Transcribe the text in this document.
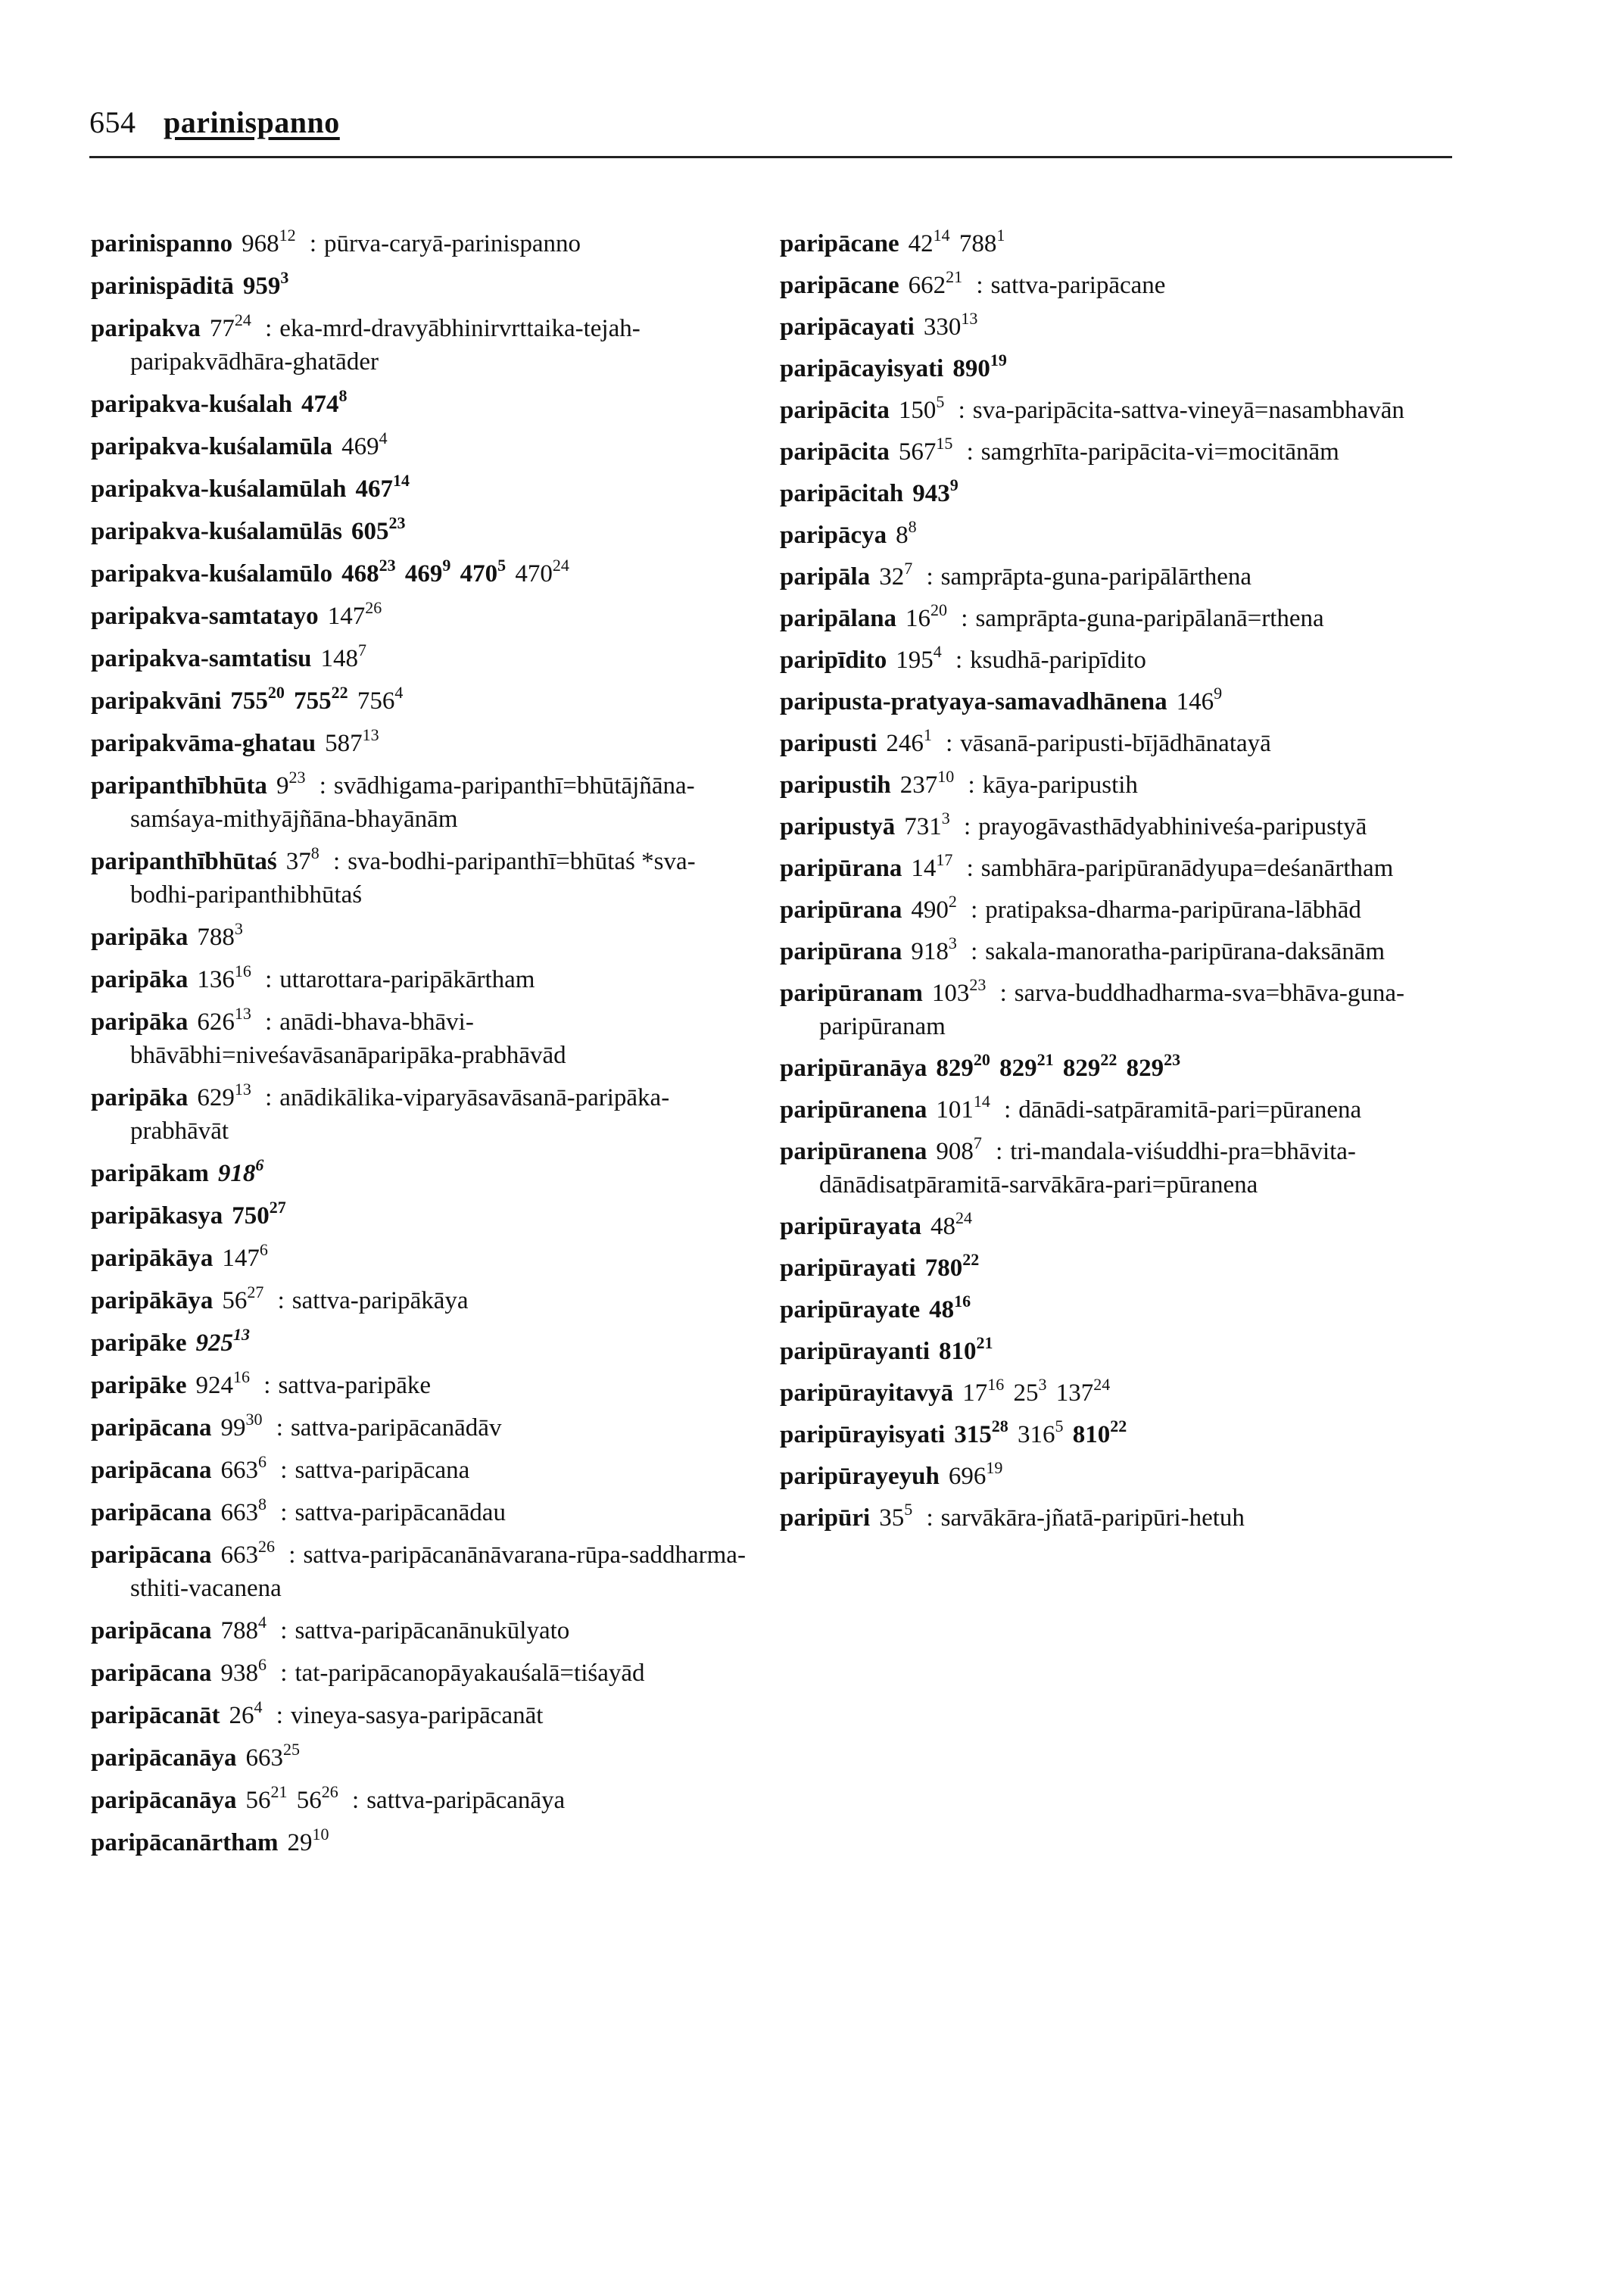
654 parinispanno
parinispanno $968^{12}$ : pūrva-caryā-parinispanno
parinispāditā $959^3$
paripakva $77^{24}$ : eka-mrd-dravyābhinirvrttaika-tejah-paripakvādhāra-ghatāder
paripakva-kuśalah $474^8$
paripakva-kuśalamūla $469^4$
paripakva-kuśalamūlah $467^{14}$
paripakva-kuśalamūlās $605^{23}$
paripakva-kuśalamūlo $468^{23}$ $469^9$ $470^5$ $470^{24}$
paripakva-samtatayo $147^{26}$
paripakva-samtatisu $148^7$
paripakvāni $755^{20}$ $755^{22}$ $756^4$
paripakvāma-ghatau $587^{13}$
paripanthībhūta $9^{23}$ : svādhigama-paripanthī=bhūtājñāna-samśaya-mithyājñāna-bhayānām
paripanthībhūtaś $37^8$ : sva-bodhi-paripanthī=bhūtaś *sva-bodhi-paripanthibhūtaś
paripāka $788^3$
paripāka $136^{16}$ : uttarottara-paripākārtham
paripāka $626^{13}$ : anādi-bhava-bhāvi-bhāvābhi=niveśavāsanāparipāka-prabhāvād
paripāka $629^{13}$ : anādikālika-viparyāsavāsanā-paripāka-prabhāvāt
paripākam $918^6$
paripākasya $750^{27}$
paripākāya $147^6$
paripākāya $56^{27}$ : sattva-paripākāya
paripāke $925^{13}$
paripāke $924^{16}$ : sattva-paripāke
paripācana $99^{30}$ : sattva-paripācanādāv
paripācana $663^6$ : sattva-paripācana
paripācana $663^8$ : sattva-paripācanādau
paripācana $663^{26}$ : sattva-paripācanānāvarana-rūpa-saddharma-sthiti-vacanena
paripācana $788^4$ : sattva-paripācanānukūlyato
paripācana $938^6$ : tat-paripācanopāyakauśalā=tiśayād
paripācanāt $26^4$ : vineya-sasya-paripācanāt
paripācanāya $663^{25}$
paripācanāya $56^{21}$ $56^{26}$ : sattva-paripācanāya
paripācanārtham $29^{10}$
paripācane $42^{14}$ $788^1$
paripācane $662^{21}$ : sattva-paripācane
paripācayati $330^{13}$
paripācayisyati $890^{19}$
paripācita $150^5$ : sva-paripācita-sattva-vineyā=nasambhavān
paripācita $567^{15}$ : samgrhīta-paripācita-vi=mocitānām
paripācitah $943^9$
paripācya $8^8$
paripāla $32^7$ : samprāpta-guna-paripālārthena
paripālana $16^{20}$ : samprāpta-guna-paripālanā=rthena
paripīdito $195^4$ : ksudhā-paripīdito
paripusta-pratyaya-samavadhānena $146^9$
paripusti $246^1$ : vāsanā-paripusti-bījādhānatayā
paripustih $237^{10}$ : kāya-paripustih
paripustyā $731^3$ : prayogāvasthādyabhiniveśa-paripustyā
paripūrana $14^{17}$ : sambhāra-paripūranādyupa=deśanārtham
paripūrana $490^2$ : pratipaksa-dharma-paripūrana-lābhād
paripūrana $918^3$ : sakala-manoratha-paripūrana-daksānām
paripūranam $103^{23}$ : sarva-buddhadharma-sva=bhāva-guna-paripūranam
paripūranāya $829^{20}$ $829^{21}$ $829^{22}$ $829^{23}$
paripūranena $101^{14}$ : dānādi-satpāramitā-pari=pūranena
paripūranena $908^7$ : tri-mandala-viśuddhi-pra=bhāvita-dānādisatpāramitā-sarvākāra-pari=pūranena
paripūrayata $48^{24}$
paripūrayati $780^{22}$
paripūrayate $48^{16}$
paripūrayanti $810^{21}$
paripūrayitavyā $17^{16}$ $25^3$ $137^{24}$
paripūrayisyati $315^{28}$ $316^5$ $810^{22}$
paripūrayeyuh $696^{19}$
paripūri $35^5$ : sarvākāra-jñatā-paripūri-hetuh
